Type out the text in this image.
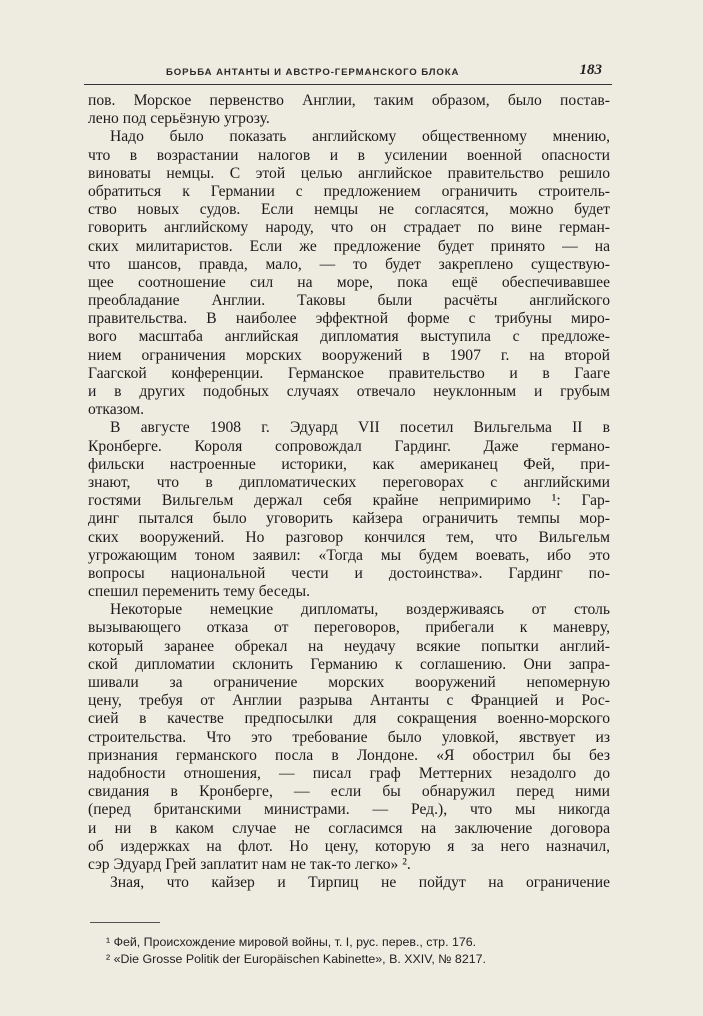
БОРЬБА АНТАНТЫ И АВСТРО-ГЕРМАНСКОГО БЛОКА	183
пов. Морское первенство Англии, таким образом, было постав-
лено под серьёзную угрозу.
Надо было показать английскому общественному мнению,
что в возрастании налогов и в усилении военной опасности
виноваты немцы. С этой целью английское правительство решило
обратиться к Германии с предложением ограничить строитель-
ство новых судов. Если немцы не согласятся, можно будет
говорить английскому народу, что он страдает по вине герман-
ских милитаристов. Если же предложение будет принято — на
что шансов, правда, мало, — то будет закреплено существую-
щее соотношение сил на море, пока ещё обеспечивавшее
преобладание Англии. Таковы были расчёты английского
правительства. В наиболее эффектной форме с трибуны миро-
вого масштаба английская дипломатия выступила с предложе-
нием ограничения морских вооружений в 1907 г. на второй
Гаагской конференции. Германское правительство и в Гааге
и в других подобных случаях отвечало неуклонным и грубым
отказом.
В августе 1908 г. Эдуард VII посетил Вильгельма II в
Кронберге. Короля сопровождал Гардинг. Даже германо-
фильски настроенные историки, как американец Фей, при-
знают, что в дипломатических переговорах с английскими
гостями Вильгельм держал себя крайне непримиримо ¹: Гар-
динг пытался было уговорить кайзера ограничить темпы мор-
ских вооружений. Но разговор кончился тем, что Вильгельм
угрожающим тоном заявил: «Тогда мы будем воевать, ибо это
вопросы национальной чести и достоинства». Гардинг по-
спешил переменить тему беседы.
Некоторые немецкие дипломаты, воздерживаясь от столь
вызывающего отказа от переговоров, прибегали к маневру,
который заранее обрекал на неудачу всякие попытки англий-
ской дипломатии склонить Германию к соглашению. Они запра-
шивали за ограничение морских вооружений непомерную
цену, требуя от Англии разрыва Антанты с Францией и Рос-
сией в качестве предпосылки для сокращения военно-морского
строительства. Что это требование было уловкой, явствует из
признания германского посла в Лондоне. «Я обострил бы без
надобности отношения, — писал граф Меттерних незадолго до
свидания в Кронберге, — если бы обнаружил перед ними
(перед британскими министрами. — Ред.), что мы никогда
и ни в каком случае не согласимся на заключение договора
об издержках на флот. Но цену, которую я за него назначил,
сэр Эдуард Грей заплатит нам не так-то легко» ².
Зная, что кайзер и Тирпиц не пойдут на ограничение
¹ Фей, Происхождение мировой войны, т. I, рус. перев., стр. 176.
² «Die Grosse Politik der Europäischen Kabinette», B. XXIV, № 8217.
